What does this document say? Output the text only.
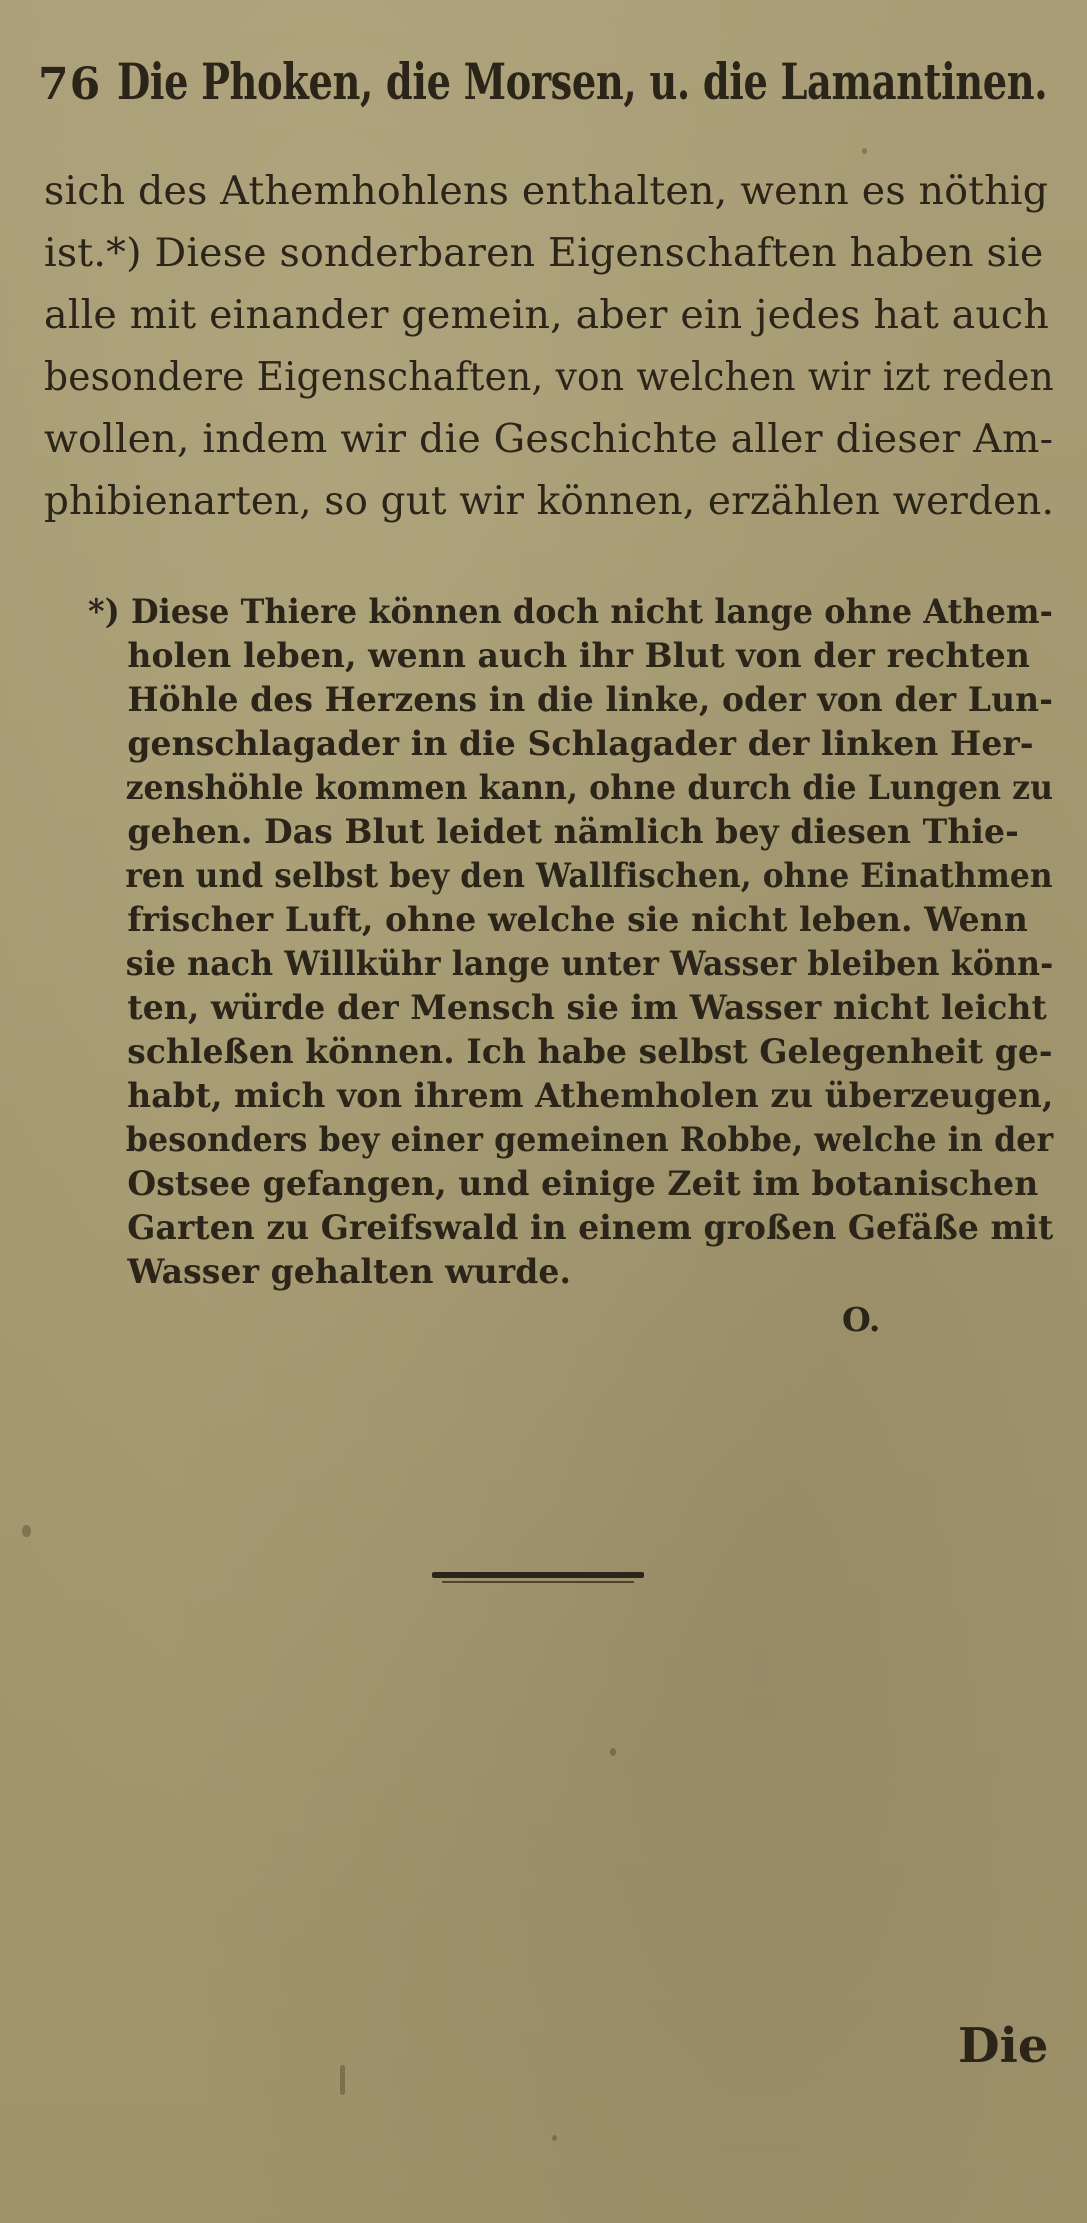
76 Die Phoken, die Morsen, u. die Lamantinen.
sich des Athemhohlens enthalten, wenn es nöthig
ist.*) Diese sonderbaren Eigenschaften haben sie
alle mit einander gemein, aber ein jedes hat auch
besondere Eigenschaften, von welchen wir izt reden
wollen, indem wir die Geschichte aller dieser Am-
phibienarten, so gut wir können, erzählen werden.
*) Diese Thiere können doch nicht lange ohne Athem-
holen leben, wenn auch ihr Blut von der rechten
Höhle des Herzens in die linke, oder von der Lun-
genschlagader in die Schlagader der linken Her-
zenshöhle kommen kann, ohne durch die Lungen zu
gehen. Das Blut leidet nämlich bey diesen Thie-
ren und selbst bey den Wallfischen, ohne Einathmen
frischer Luft, ohne welche sie nicht leben. Wenn
sie nach Willkühr lange unter Wasser bleiben könn-
ten, würde der Mensch sie im Wasser nicht leicht
schleßen können. Ich habe selbst Gelegenheit ge-
habt, mich von ihrem Athemholen zu überzeugen,
besonders bey einer gemeinen Robbe, welche in der
Ostsee gefangen, und einige Zeit im botanischen
Garten zu Greifswald in einem großen Gefäße mit
Wasser gehalten wurde.
O.
Die
